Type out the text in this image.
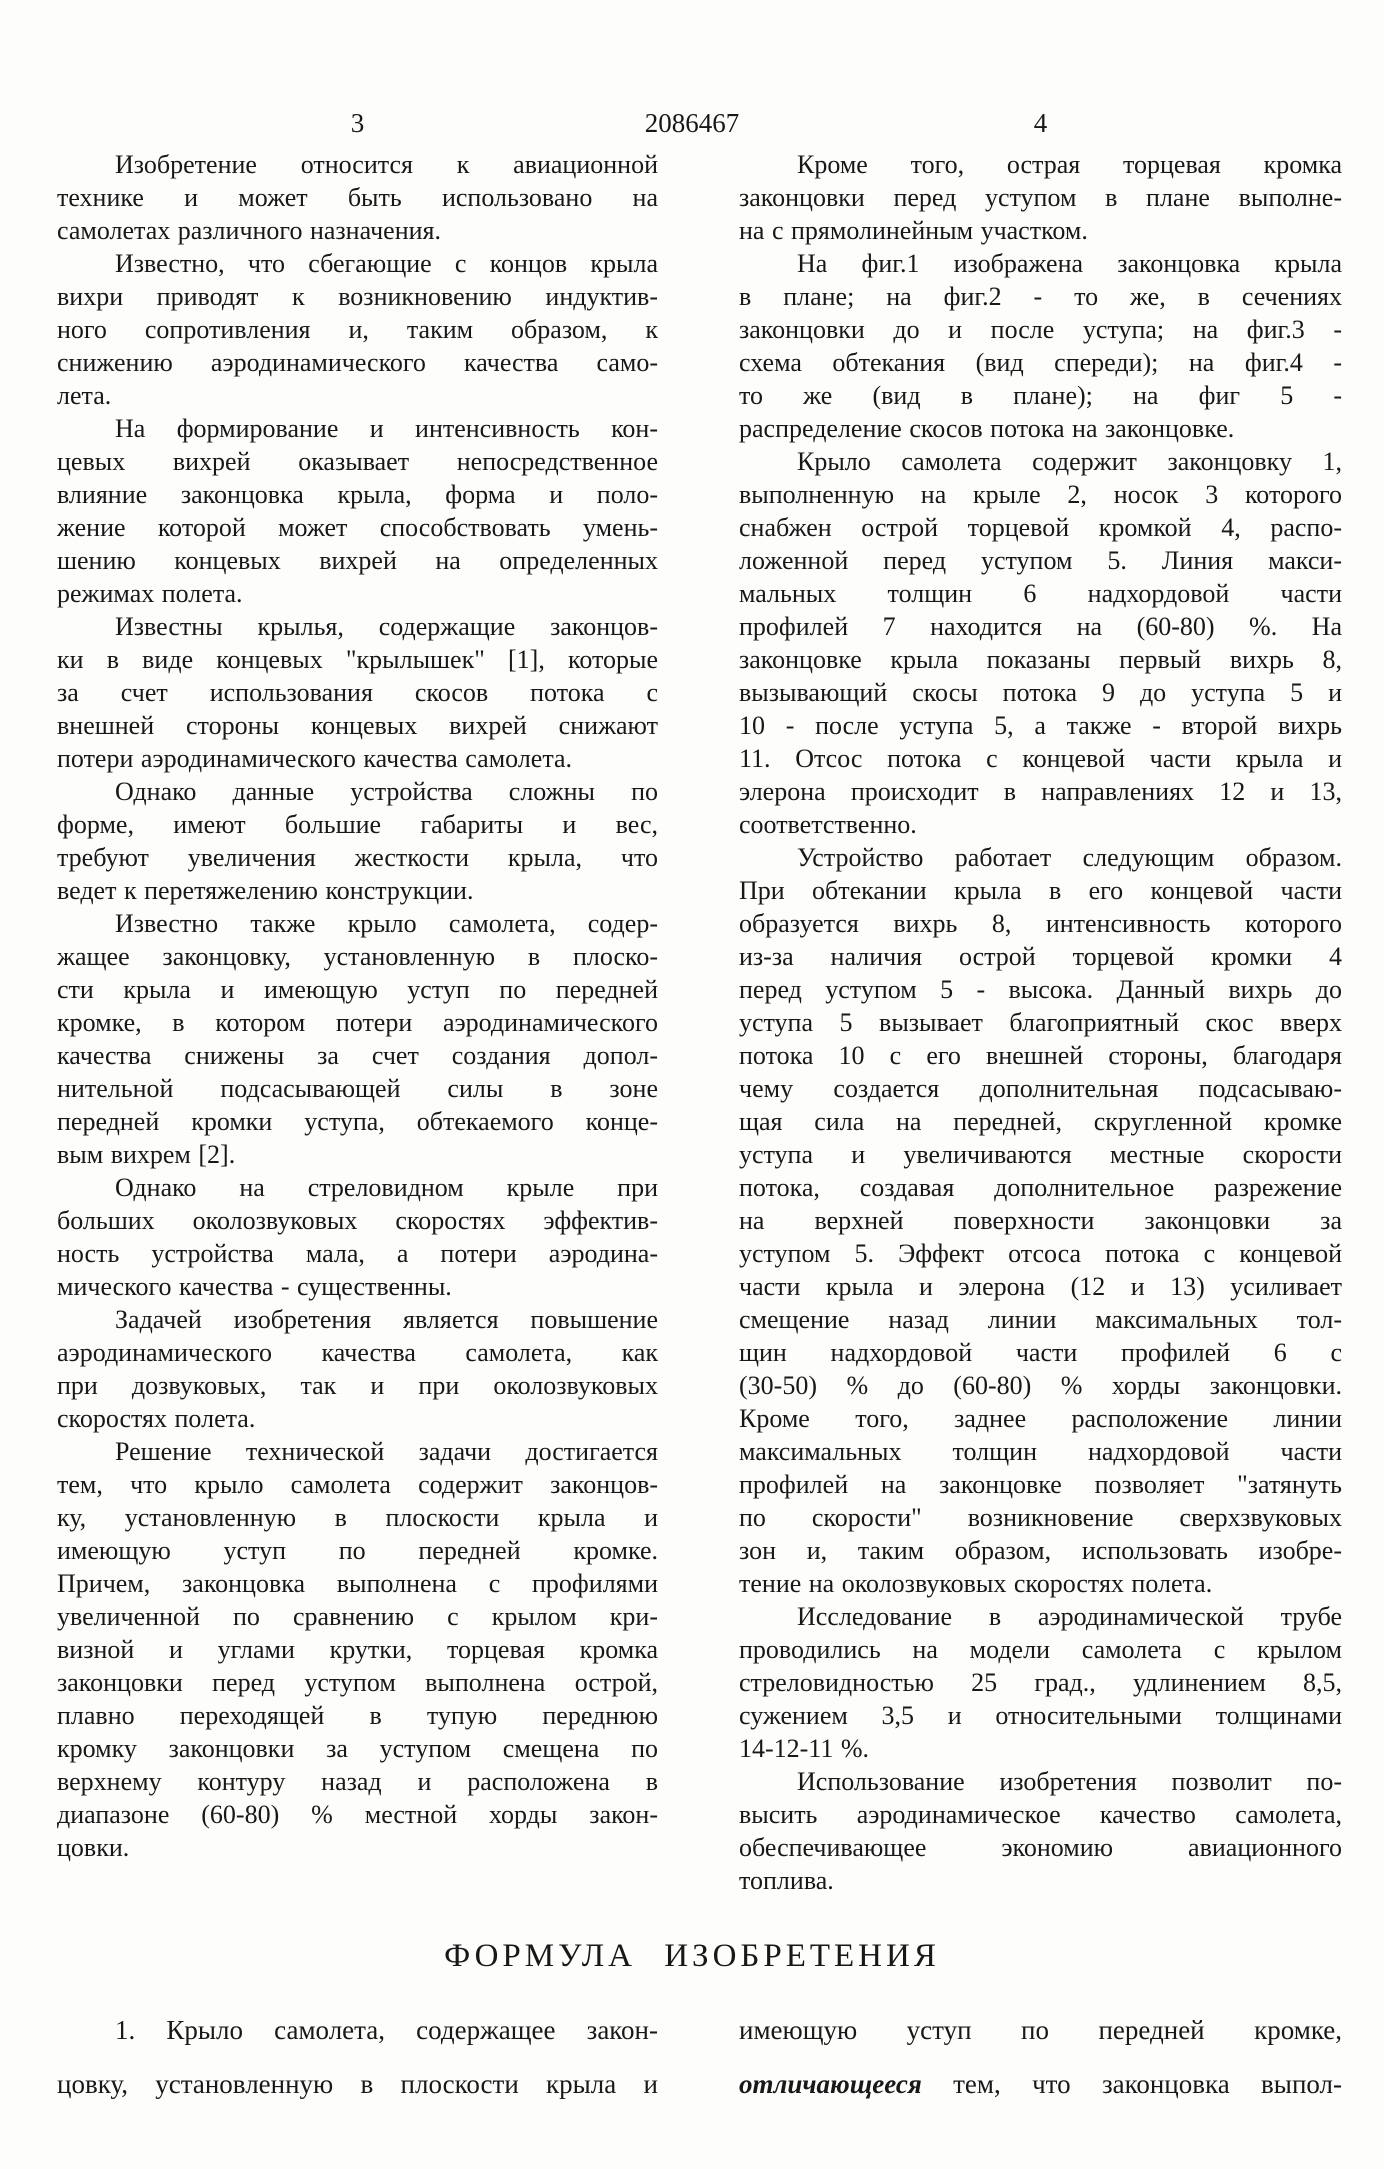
3	2086467	4
Изобретение относится к авиационной
технике и может быть использовано на
самолетах различного назначения.
Известно, что сбегающие с концов крыла
вихри приводят к возникновению индуктив-
ного сопротивления и, таким образом, к
снижению аэродинамического качества само-
лета.
На формирование и интенсивность кон-
цевых вихрей оказывает непосредственное
влияние законцовка крыла, форма и поло-
жение которой может способствовать умень-
шению концевых вихрей на определенных
режимах полета.
Известны крылья, содержащие законцов-
ки в виде концевых "крылышек" [1], которые
за счет использования скосов потока с
внешней стороны концевых вихрей снижают
потери аэродинамического качества самолета.
Однако данные устройства сложны по
форме, имеют большие габариты и вес,
требуют увеличения жесткости крыла, что
ведет к перетяжелению конструкции.
Известно также крыло самолета, содер-
жащее законцовку, установленную в плоско-
сти крыла и имеющую уступ по передней
кромке, в котором потери аэродинамического
качества снижены за счет создания допол-
нительной подсасывающей силы в зоне
передней кромки уступа, обтекаемого конце-
вым вихрем [2].
Однако на стреловидном крыле при
больших околозвуковых скоростях эффектив-
ность устройства мала, а потери аэродина-
мического качества - существенны.
Задачей изобретения является повышение
аэродинамического качества самолета, как
при дозвуковых, так и при околозвуковых
скоростях полета.
Решение технической задачи достигается
тем, что крыло самолета содержит законцов-
ку, установленную в плоскости крыла и
имеющую уступ по передней кромке.
Причем, законцовка выполнена с профилями
увеличенной по сравнению с крылом кри-
визной и углами крутки, торцевая кромка
законцовки перед уступом выполнена острой,
плавно переходящей в тупую переднюю
кромку законцовки за уступом смещена по
верхнему контуру назад и расположена в
диапазоне (60-80) % местной хорды закон-
цовки.
Кроме того, острая торцевая кромка
законцовки перед уступом в плане выполне-
на с прямолинейным участком.
На фиг.1 изображена законцовка крыла
в плане; на фиг.2 - то же, в сечениях
законцовки до и после уступа; на фиг.3 -
схема обтекания (вид спереди); на фиг.4 -
то же (вид в плане); на фиг 5 -
распределение скосов потока на законцовке.
Крыло самолета содержит законцовку 1,
выполненную на крыле 2, носок 3 которого
снабжен острой торцевой кромкой 4, распо-
ложенной перед уступом 5. Линия макси-
мальных толщин 6 надхордовой части
профилей 7 находится на (60-80) %. На
законцовке крыла показаны первый вихрь 8,
вызывающий скосы потока 9 до уступа 5 и
10 - после уступа 5, а также - второй вихрь
11. Отсос потока с концевой части крыла и
элерона происходит в направлениях 12 и 13,
соответственно.
Устройство работает следующим образом.
При обтекании крыла в его концевой части
образуется вихрь 8, интенсивность которого
из-за наличия острой торцевой кромки 4
перед уступом 5 - высока. Данный вихрь до
уступа 5 вызывает благоприятный скос вверх
потока 10 с его внешней стороны, благодаря
чему создается дополнительная подсасываю-
щая сила на передней, скругленной кромке
уступа и увеличиваются местные скорости
потока, создавая дополнительное разрежение
на верхней поверхности законцовки за
уступом 5. Эффект отсоса потока с концевой
части крыла и элерона (12 и 13) усиливает
смещение назад линии максимальных тол-
щин надхордовой части профилей 6 с
(30-50) % до (60-80) % хорды законцовки.
Кроме того, заднее расположение линии
максимальных толщин надхордовой части
профилей на законцовке позволяет "затянуть
по скорости" возникновение сверхзвуковых
зон и, таким образом, использовать изобре-
тение на околозвуковых скоростях полета.
Исследование в аэродинамической трубе
проводились на модели самолета с крылом
стреловидностью 25 град., удлинением 8,5,
сужением 3,5 и относительными толщинами
14-12-11 %.
Использование изобретения позволит по-
высить аэродинамическое качество самолета,
обеспечивающее экономию авиационного
топлива.
ФОРМУЛА ИЗОБРЕТЕНИЯ
1. Крыло самолета, содержащее закон-
цовку, установленную в плоскости крыла и
имеющую уступ по передней кромке,
отличающееся тем, что законцовка выпол-
